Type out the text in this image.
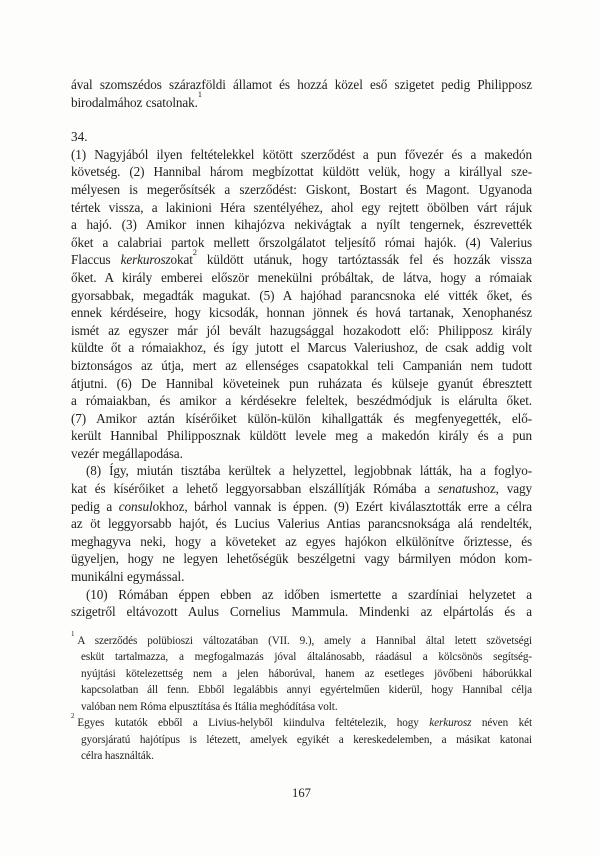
ával szomszédos szárazföldi államot és hozzá közel eső szigetet pedig Philipposz
birodalmához csatolnak.$^1$
34.
(1) Nagyjából ilyen feltételekkel kötött szerződést a pun fővezér és a makedón
követség. (2) Hannibal három megbízottat küldött velük, hogy a királlyal sze-
mélyesen is megerősítsék a szerződést: Giskont, Bostart és Magont. Ugyanoda
tértek vissza, a lakinioni Héra szentélyéhez, ahol egy rejtett öbölben várt rájuk
a hajó. (3) Amikor innen kihajózva nekivágtak a nyílt tengernek, észrevették
őket a calabriai partok mellett őrszolgálatot teljesítő római hajók. (4) Valerius
Flaccus kerkuroszokat$^2$ küldött utánuk, hogy tartóztassák fel és hozzák vissza
őket. A király emberei először menekülni próbáltak, de látva, hogy a rómaiak
gyorsabbak, megadták magukat. (5) A hajóhad parancsnoka elé vitték őket, és
ennek kérdéseire, hogy kicsodák, honnan jönnek és hová tartanak, Xenophanész
ismét az egyszer már jól bevált hazugsággal hozakodott elő: Philipposz király
küldte őt a rómaiakhoz, és így jutott el Marcus Valeriushoz, de csak addig volt
biztonságos az útja, mert az ellenséges csapatokkal teli Campanián nem tudott
átjutni. (6) De Hannibal követeinek pun ruházata és külseje gyanút ébresztett
a rómaiakban, és amikor a kérdésekre feleltek, beszédmódjuk is elárulta őket.
(7) Amikor aztán kísérőiket külön-külön kihallgatták és megfenyegették, elő-
került Hannibal Philipposznak küldött levele meg a makedón király és a pun
vezér megállapodása.
(8) Így, miután tisztába kerültek a helyzettel, legjobbnak látták, ha a foglyo-
kat és kísérőiket a lehető leggyorsabban elszállítják Rómába a senatushoz, vagy
pedig a consulokhoz, bárhol vannak is éppen. (9) Ezért kiválasztották erre a célra
az öt leggyorsabb hajót, és Lucius Valerius Antias parancsnoksága alá rendelték,
meghagyva neki, hogy a követeket az egyes hajókon elkülönítve őriztesse, és
ügyeljen, hogy ne legyen lehetőségük beszélgetni vagy bármilyen módon kom-
munikálni egymással.
(10) Rómában éppen ebben az időben ismertette a szardíniai helyzetet a
szigetről eltávozott Aulus Cornelius Mammula. Mindenki az elpártolás és a
$^1$A szerződés polübioszi változatában (VII. 9.), amely a Hannibal által letett szövetségi
esküt tartalmazza, a megfogalmazás jóval általánosabb, ráadásul a kölcsönös segítség-
nyújtási kötelezettség nem a jelen háborúval, hanem az esetleges jövőbeni háborúkkal
kapcsolatban áll fenn. Ebből legalábbis annyi egyértelműen kiderül, hogy Hannibal célja
valóban nem Róma elpusztítása és Itália meghódítása volt.
$^2$Egyes kutatók ebből a Livius-helyből kiindulva feltételezik, hogy kerkurosz néven két
gyorsjáratú hajótípus is létezett, amelyek egyikét a kereskedelemben, a másikat katonai
célra használták.
167
